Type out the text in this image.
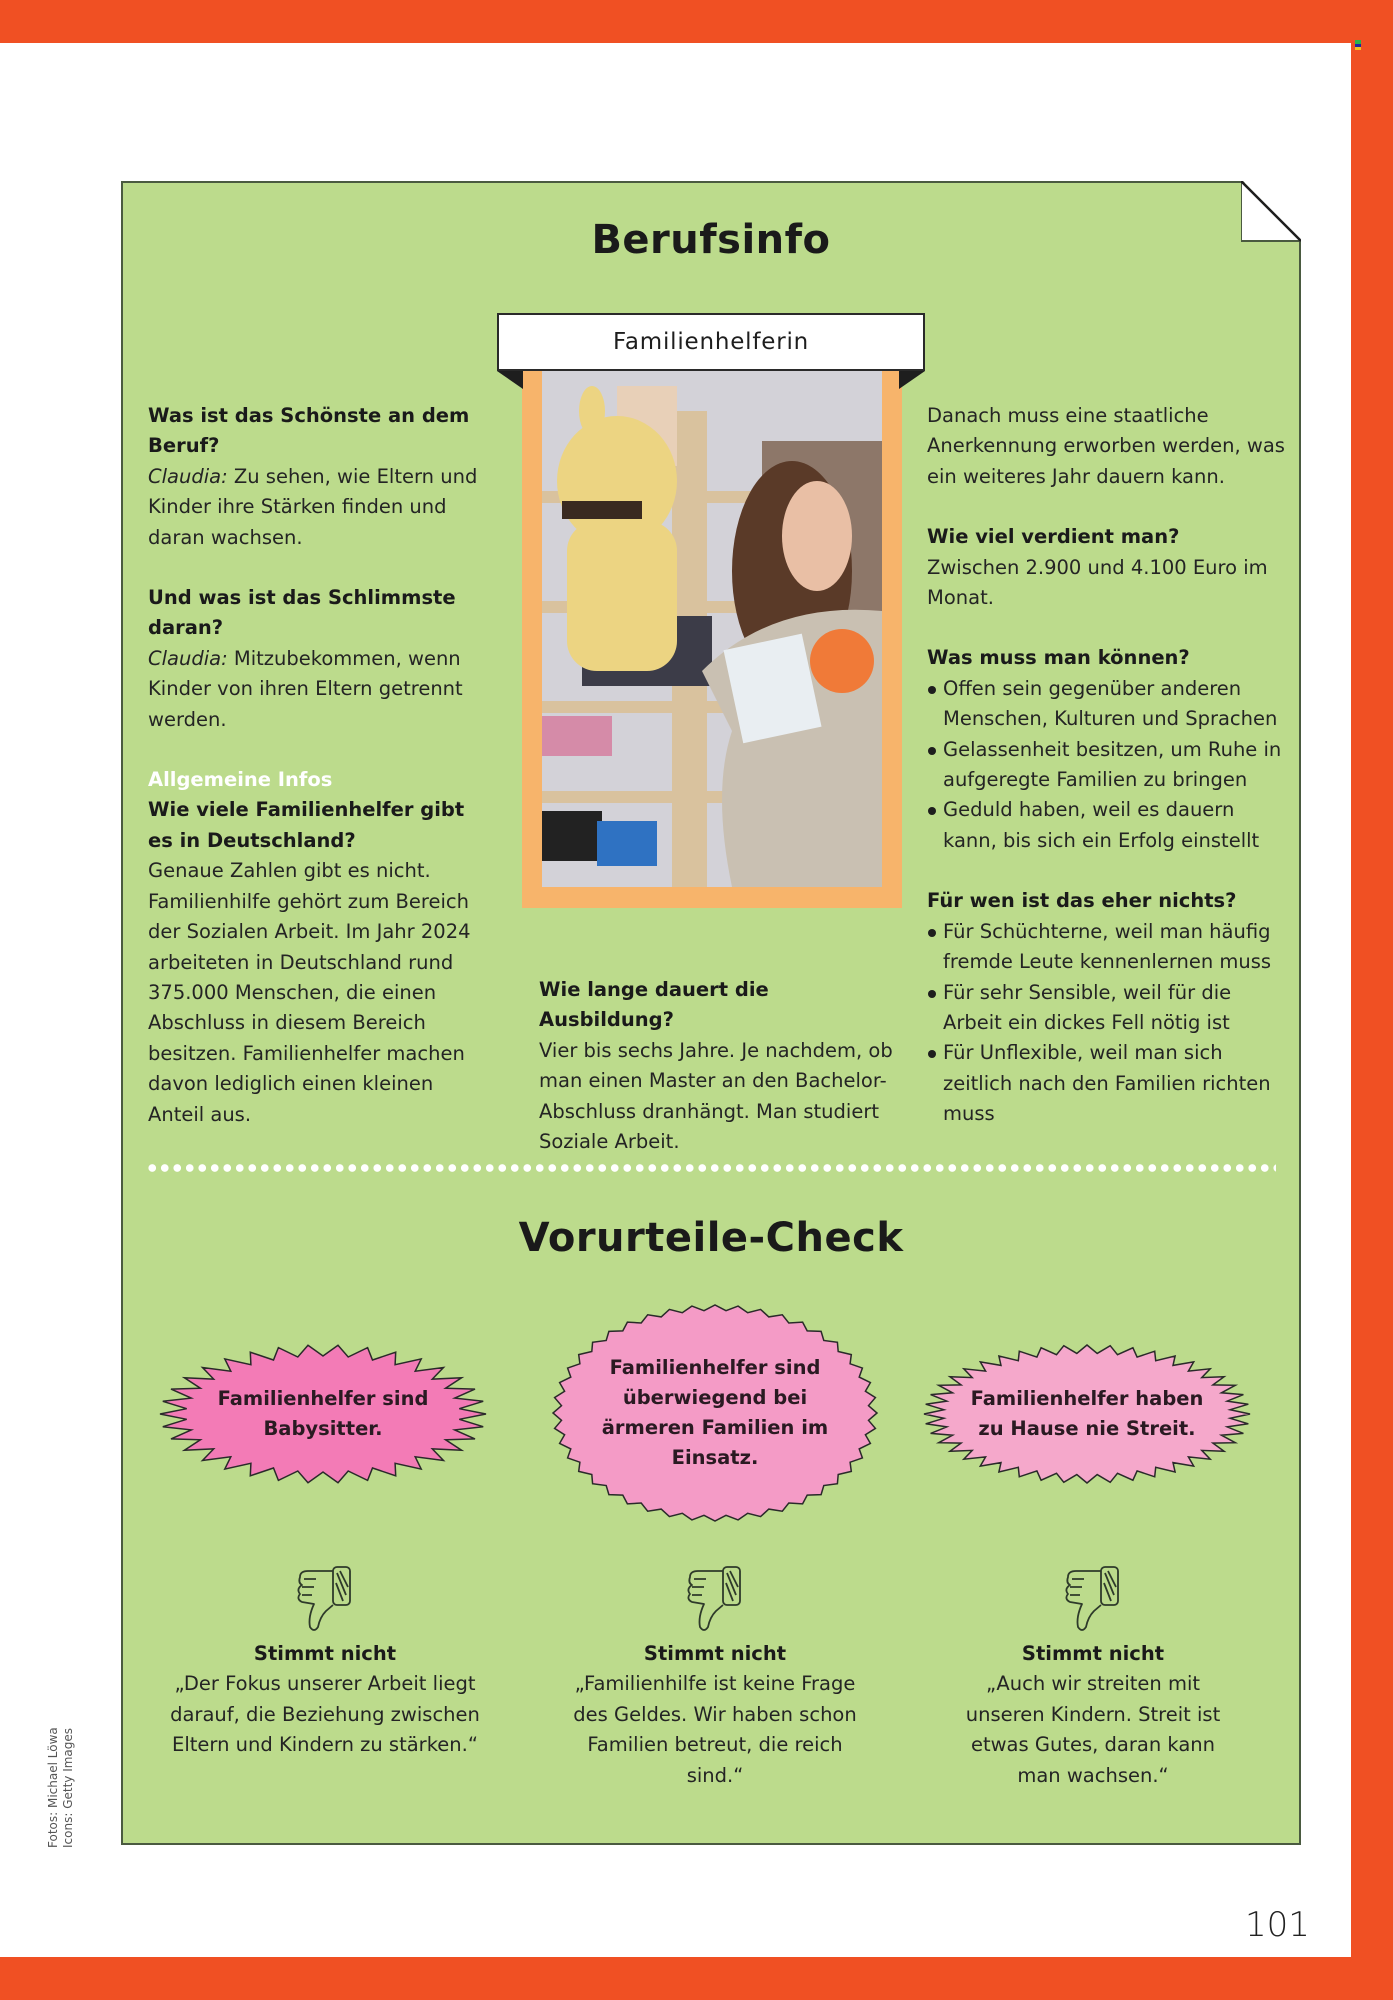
Berufsinfo
Familienhelferin
Was ist das Schönste an dem Beruf?
Claudia: Zu sehen, wie Eltern und Kinder ihre Stärken finden und daran wachsen.
Und was ist das Schlimmste daran?
Claudia: Mitzubekommen, wenn Kinder von ihren Eltern getrennt werden.
Allgemeine Infos
Wie viele Familienhelfer gibt es in Deutschland?
Genaue Zahlen gibt es nicht. Familienhilfe gehört zum Bereich der Sozialen Arbeit. Im Jahr 2024 arbeiteten in Deutschland rund 375.000 Menschen, die einen Abschluss in diesem Bereich besitzen. Familienhelfer machen davon lediglich einen kleinen Anteil aus.
Wie lange dauert die Ausbildung?
Vier bis sechs Jahre. Je nachdem, ob man einen Master an den Bachelor-Abschluss dranhängt. Man studiert Soziale Arbeit.
Danach muss eine staatliche Anerkennung erworben werden, was ein weiteres Jahr dauern kann.
Wie viel verdient man?
Zwischen 2.900 und 4.100 Euro im Monat.
Was muss man können?
Offen sein gegenüber anderen Menschen, Kulturen und Sprachen
Gelassenheit besitzen, um Ruhe in aufgeregte Familien zu bringen
Geduld haben, weil es dauern kann, bis sich ein Erfolg einstellt
Für wen ist das eher nichts?
Für Schüchterne, weil man häufig fremde Leute kennenlernen muss
Für sehr Sensible, weil für die Arbeit ein dickes Fell nötig ist
Für Unflexible, weil man sich zeitlich nach den Familien richten muss
Vorurteile-Check
Familienhelfer sind Babysitter.
Familienhelfer sind überwiegend bei ärmeren Familien im Einsatz.
Familienhelfer haben zu Hause nie Streit.
Stimmt nicht
„Der Fokus unserer Arbeit liegt darauf, die Beziehung zwischen Eltern und Kindern zu stärken.“
Stimmt nicht
„Familienhilfe ist keine Frage des Geldes. Wir haben schon Familien betreut, die reich sind.“
Stimmt nicht
„Auch wir streiten mit unseren Kindern. Streit ist etwas Gutes, daran kann man wachsen.“
Fotos: Michael Löwa Icons: Getty Images
101
